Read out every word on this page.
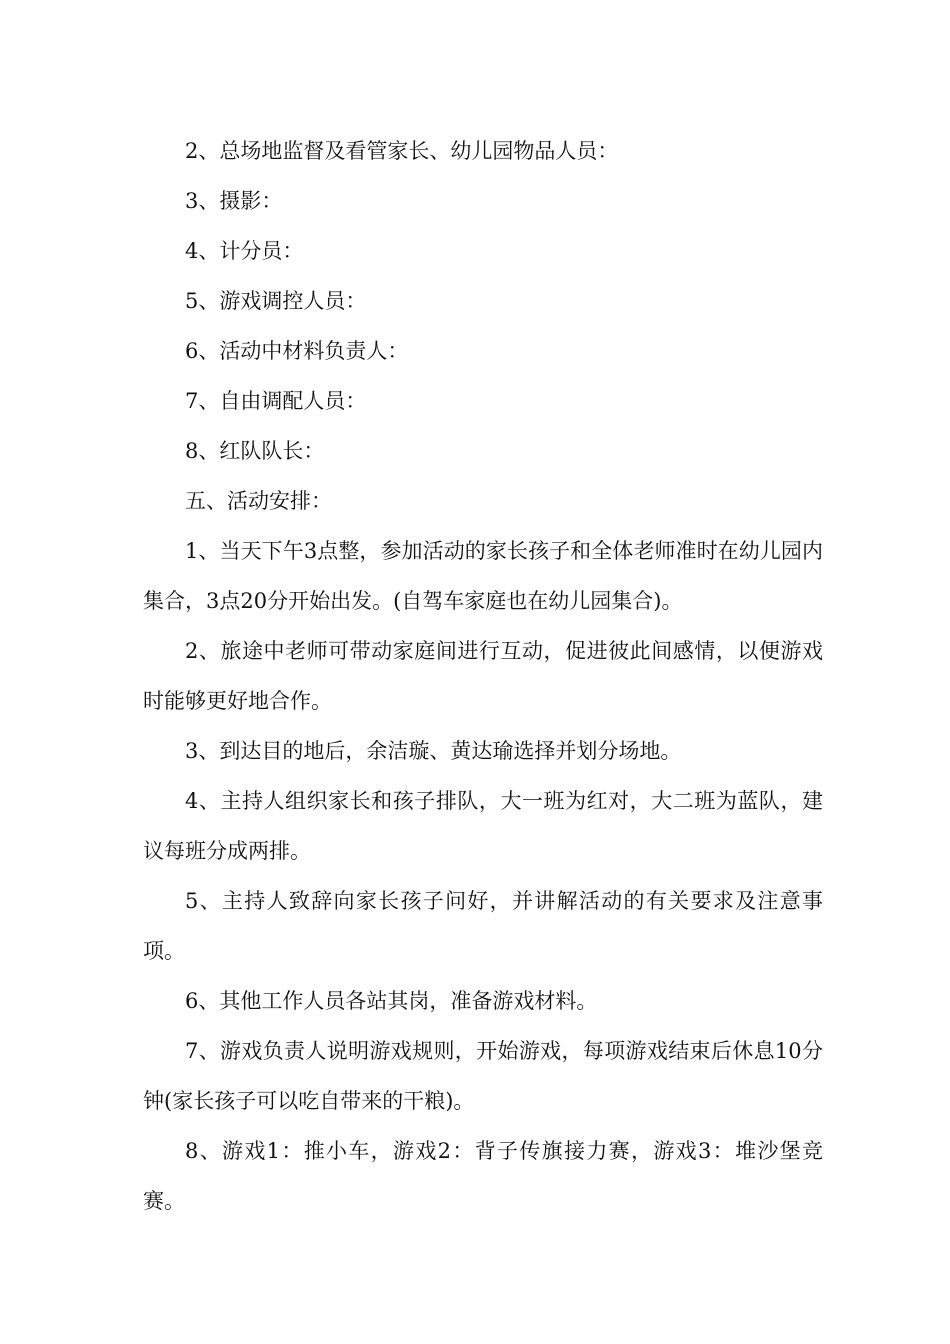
2、总场地监督及看管家长、幼儿园物品人员：

3、摄影：

4、计分员：

5、游戏调控人员：

6、活动中材料负责人：

7、自由调配人员：

8、红队队长：

五、活动安排：

1、当天下午3点整，参加活动的家长孩子和全体老师准时在幼儿园内集合，3点20分开始出发。(自驾车家庭也在幼儿园集合)。

2、旅途中老师可带动家庭间进行互动，促进彼此间感情，以便游戏时能够更好地合作。

3、到达目的地后，余洁璇、黄达瑜选择并划分场地。

4、主持人组织家长和孩子排队，大一班为红对，大二班为蓝队，建议每班分成两排。

5、主持人致辞向家长孩子问好，并讲解活动的有关要求及注意事项。

6、其他工作人员各站其岗，准备游戏材料。

7、游戏负责人说明游戏规则，开始游戏，每项游戏结束后休息10分钟(家长孩子可以吃自带来的干粮)。

8、游戏1：推小车，游戏2：背子传旗接力赛，游戏3：堆沙堡竞赛。
